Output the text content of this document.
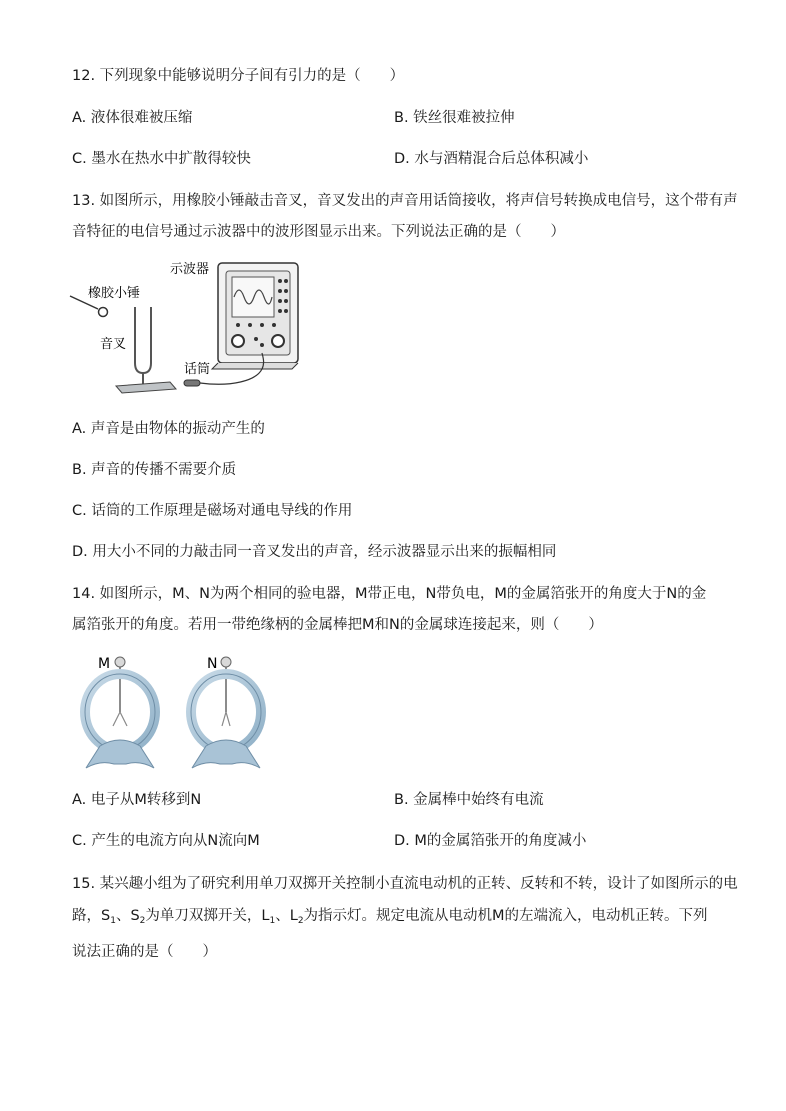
12. 下列现象中能够说明分子间有引力的是（　　）
A. 液体很难被压缩	B. 铁丝很难被拉伸
C. 墨水在热水中扩散得较快	D. 水与酒精混合后总体积减小
13. 如图所示，用橡胶小锤敲击音叉，音叉发出的声音用话筒接收，将声信号转换成电信号，这个带有声
音特征的电信号通过示波器中的波形图显示出来。下列说法正确的是（　　）
橡胶小锤
音叉
示波器
话筒
A. 声音是由物体的振动产生的
B. 声音的传播不需要介质
C. 话筒的工作原理是磁场对通电导线的作用
D. 用大小不同的力敲击同一音叉发出的声音，经示波器显示出来的振幅相同
14. 如图所示，M、N为两个相同的验电器，M带正电，N带负电，M的金属箔张开的角度大于N的金
属箔张开的角度。若用一带绝缘柄的金属棒把M和N的金属球连接起来，则（　　）
M	N
A. 电子从M转移到N	B. 金属棒中始终有电流
C. 产生的电流方向从N流向M	D. M的金属箔张开的角度减小
15. 某兴趣小组为了研究利用单刀双掷开关控制小直流电动机的正转、反转和不转，设计了如图所示的电
路，$S_1$、$S_2$为单刀双掷开关，$L_1$、$L_2$为指示灯。规定电流从电动机M的左端流入，电动机正转。下列
说法正确的是（　　）
